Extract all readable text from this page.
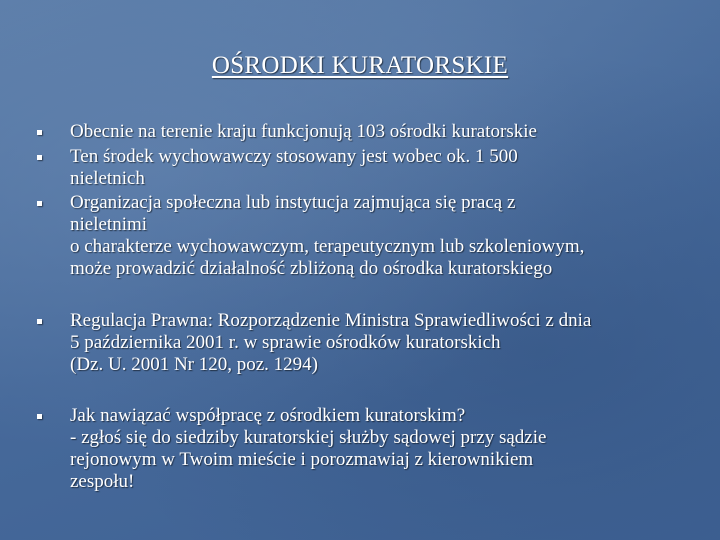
OŚRODKI KURATORSKIE
Obecnie na terenie kraju funkcjonują 103 ośrodki kuratorskie
Ten środek wychowawczy stosowany jest wobec ok. 1 500
nieletnich
Organizacja społeczna lub instytucja zajmująca się pracą z
nieletnimi
o charakterze wychowawczym, terapeutycznym lub szkoleniowym,
może prowadzić działalność zbliżoną do ośrodka kuratorskiego
Regulacja Prawna: Rozporządzenie Ministra Sprawiedliwości z dnia
5 października 2001 r. w sprawie ośrodków kuratorskich
(Dz. U. 2001 Nr 120, poz. 1294)
Jak nawiązać współpracę z ośrodkiem kuratorskim?
- zgłoś się do siedziby kuratorskiej służby sądowej przy sądzie
rejonowym w Twoim mieście i porozmawiaj z kierownikiem
zespołu!
